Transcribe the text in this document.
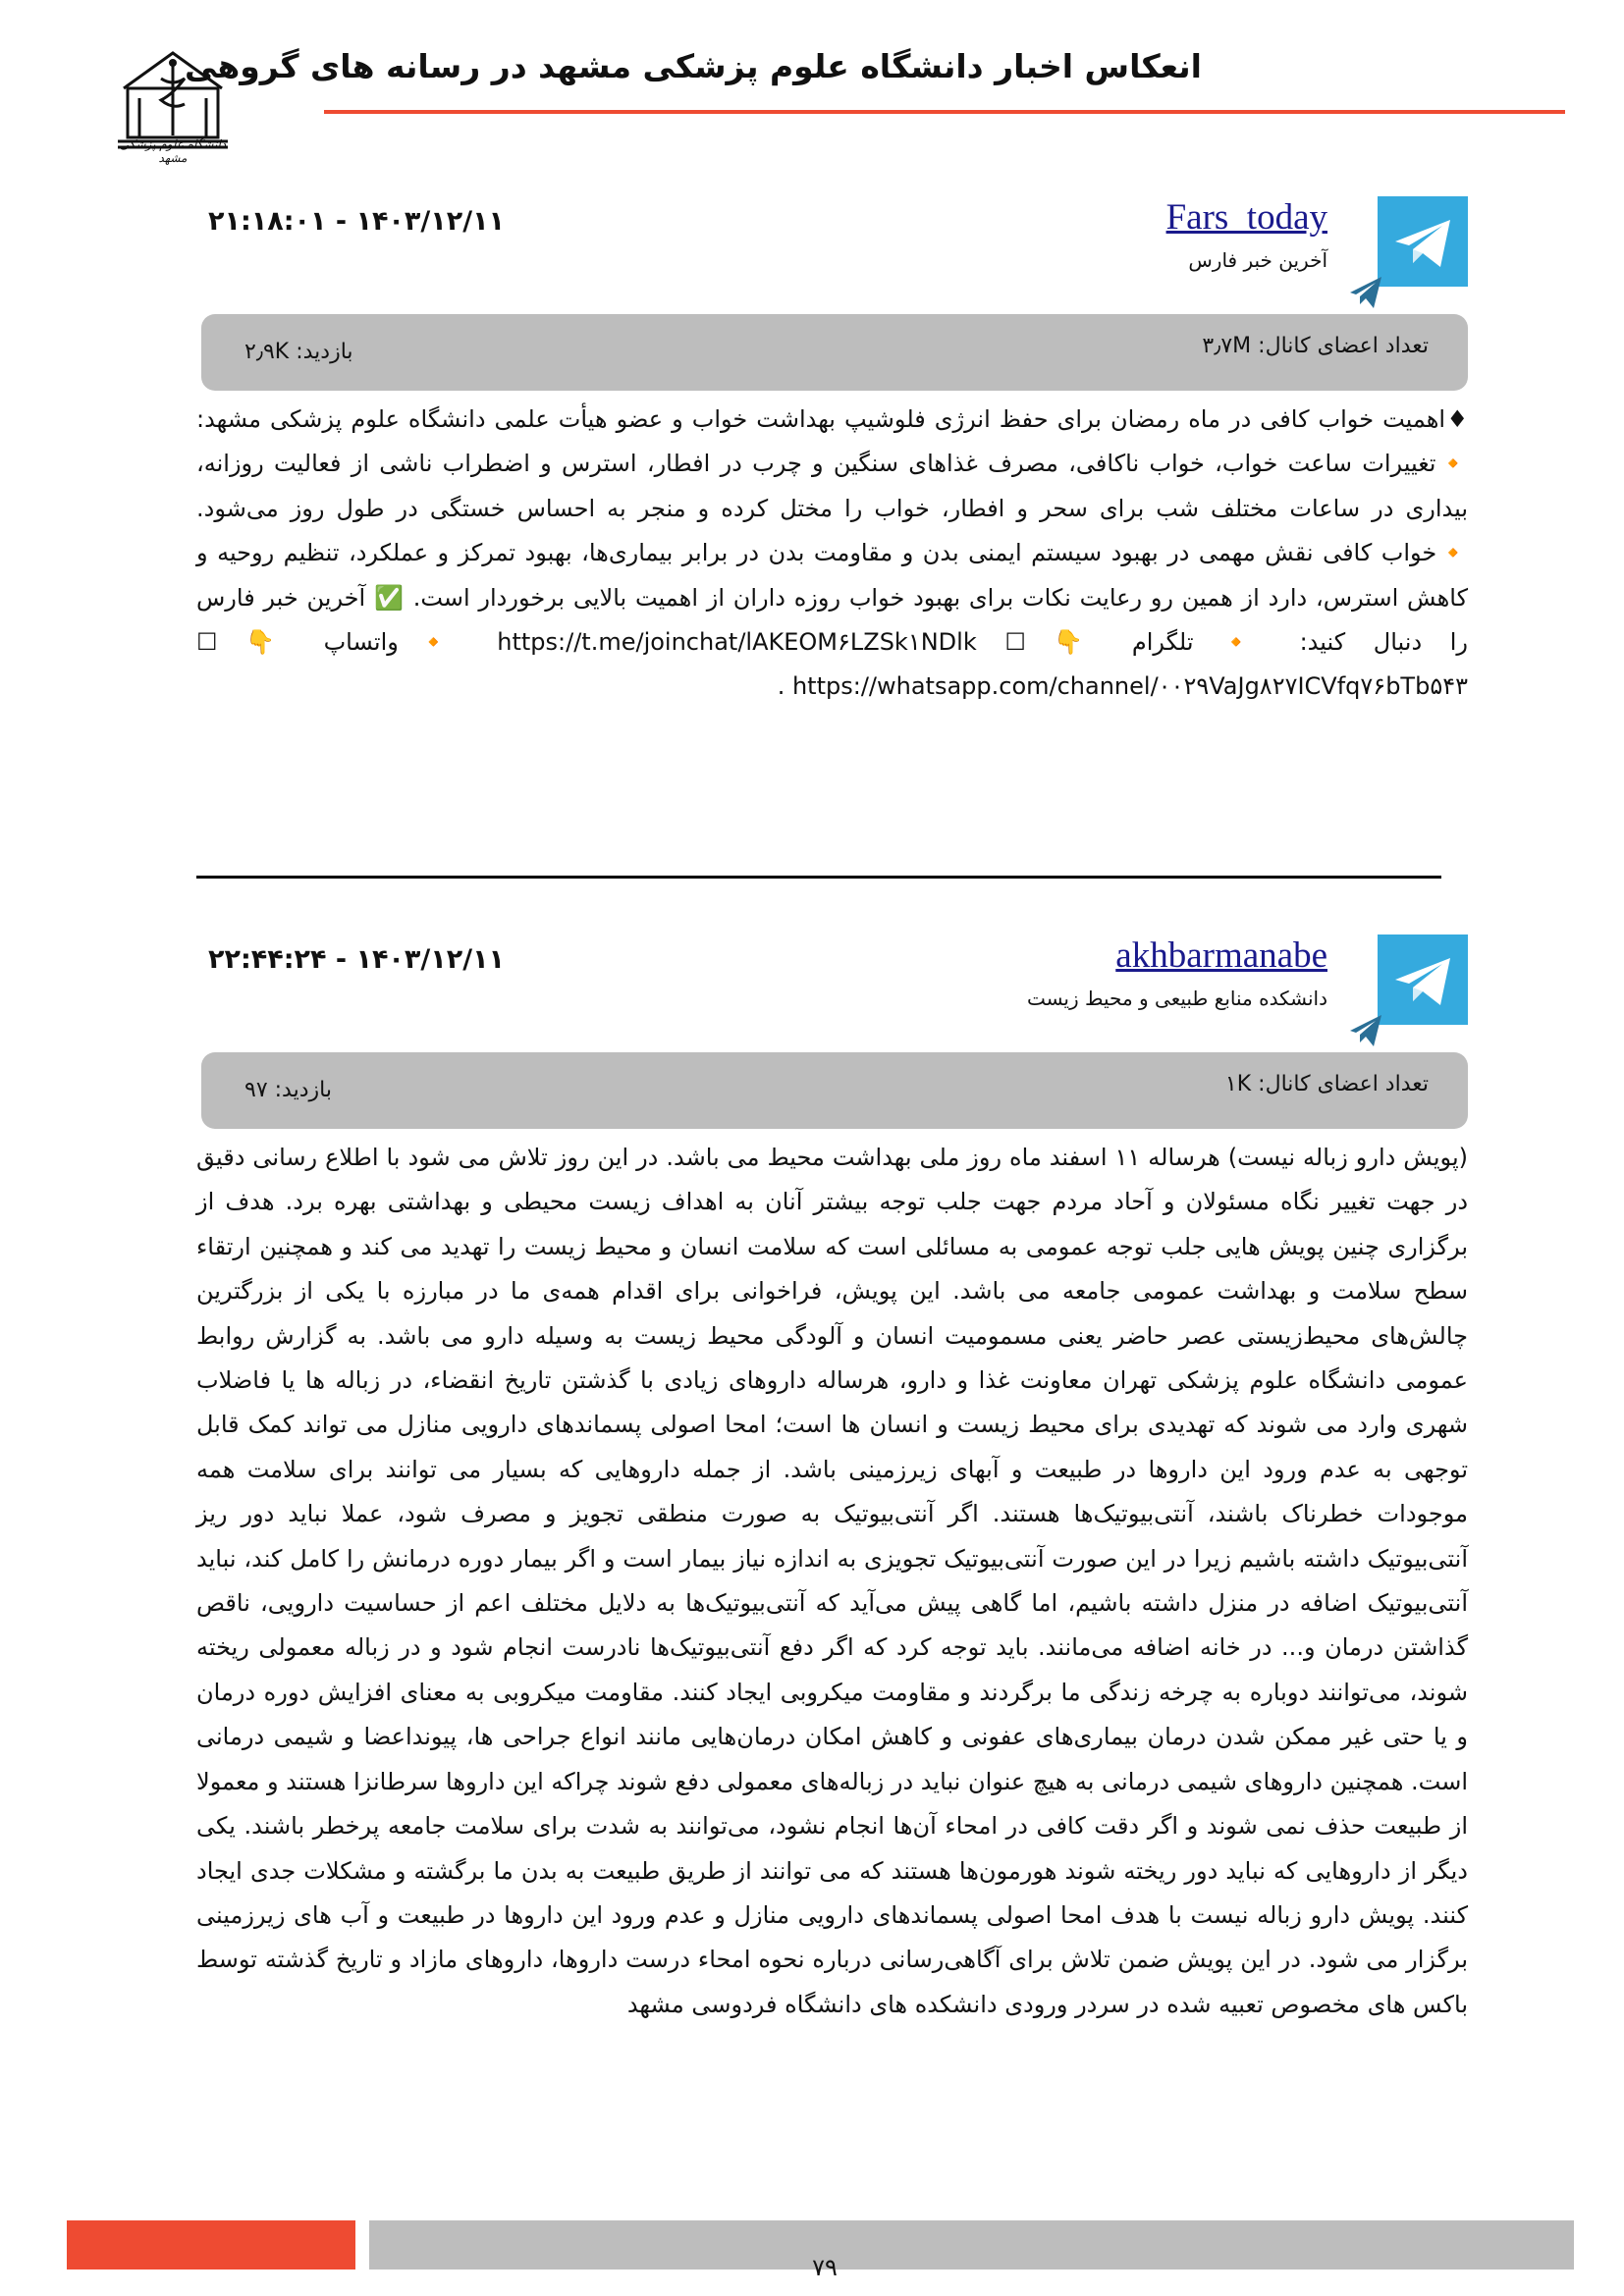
انعکاس اخبار دانشگاه علوم پزشکی مشهد در رسانه های گروهی
دانشگاه علوم پزشکی مشهد
Fars_today
آخرین خبر فارس
۲۱:۱۸:۰۱ - ۱۴۰۳/۱۲/۱۱
تعداد اعضای کانال: ۳٫۷M
بازدید: ۲٫۹K
♦اهمیت خواب کافی در ماه رمضان برای حفظ انرژی فلوشیپ بهداشت خواب و عضو هیأت علمی دانشگاه علوم پزشکی مشهد: 🔸تغییرات ساعت خواب، خواب ناکافی، مصرف غذاهای سنگین و چرب در افطار، استرس و اضطراب ناشی از فعالیت روزانه، بیداری در ساعات مختلف شب برای سحر و افطار، خواب را مختل کرده و منجر به احساس خستگی در طول روز می‌شود. 🔸خواب کافی نقش مهمی در بهبود سیستم ایمنی بدن و مقاومت بدن در برابر بیماری‌ها، بهبود تمرکز و عملکرد، تنظیم روحیه و کاهش استرس، دارد از همین رو رعایت نکات برای بهبود خواب روزه داران از اهمیت بالایی برخوردار است. ✅ آخرین خبر فارس را دنبال کنید: 🔸 تلگرام 👇 ☐ https://t.me/joinchat/lAKEOM۶LZSk۱NDlk 🔸واتساپ 👇 ☐ https://whatsapp.com/channel/۰۰۲۹VaJg۸۲۷ICVfq۷۶bTb۵۴۳ .
akhbarmanabe
دانشکده منابع طبیعی و محیط زیست
۲۲:۴۴:۲۴ - ۱۴۰۳/۱۲/۱۱
تعداد اعضای کانال: ۱K
بازدید: ۹۷
(پویش دارو زباله نیست) هرساله ۱۱ اسفند ماه روز ملی بهداشت محیط می باشد. در این روز تلاش می شود با اطلاع رسانی دقیق در جهت تغییر نگاه مسئولان و آحاد مردم جهت جلب توجه بیشتر آنان به اهداف زیست محیطی و بهداشتی بهره برد. هدف از برگزاری چنین پویش هایی جلب توجه عمومی به مسائلی است که سلامت انسان و محیط زیست را تهدید می کند و همچنین ارتقاء سطح سلامت و بهداشت عمومی جامعه می باشد. این پویش، فراخوانی برای اقدام همه‌ی ما در مبارزه با یکی از بزرگترین چالش‌های محیط‌زیستی عصر حاضر یعنی مسمومیت انسان و آلودگی محیط زیست به وسیله دارو می باشد. به گزارش روابط عمومی دانشگاه علوم پزشکی تهران معاونت غذا و دارو، هرساله داروهای زیادی با گذشتن تاریخ انقضاء، در زباله ها یا فاضلاب شهری وارد می شوند که تهدیدی برای محیط زیست و انسان ها است؛ امحا اصولی پسماندهای دارویی منازل می تواند کمک قابل توجهی به عدم ورود این داروها در طبیعت و آبهای زیرزمینی باشد. از جمله داروهایی که بسیار می توانند برای سلامت همه موجودات خطرناک باشند، آنتی‌بیوتیک‌ها هستند. اگر آنتی‌بیوتیک به صورت منطقی تجویز و مصرف شود، عملا نباید دور ریز آنتی‌بیوتیک داشته باشیم زیرا در این صورت آنتی‌بیوتیک تجویزی به اندازه نیاز بیمار است و اگر بیمار دوره درمانش را کامل کند، نباید آنتی‌بیوتیک اضافه در منزل داشته باشیم، اما گاهی پیش می‌آید که آنتی‌بیوتیک‌ها به دلایل مختلف اعم از حساسیت دارویی، ناقص گذاشتن درمان و... در خانه اضافه می‌مانند. باید توجه کرد که اگر دفع آنتی‌بیوتیک‌ها نادرست انجام شود و در زباله معمولی ریخته شوند، می‌توانند دوباره به چرخه زندگی ما برگردند و مقاومت میکروبی ایجاد کنند. مقاومت میکروبی به معنای افزایش دوره درمان و یا حتی غیر ممکن شدن درمان بیماری‌های عفونی و کاهش امکان درمان‌هایی مانند انواع جراحی ها، پیونداعضا و شیمی درمانی است. همچنین داروهای شیمی درمانی به هیچ عنوان نباید در زباله‌های معمولی دفع شوند چراکه این داروها سرطانزا هستند و معمولا از طبیعت حذف نمی شوند و اگر دقت کافی در امحاء آن‌ها انجام نشود، می‌توانند به شدت برای سلامت جامعه پرخطر باشند. یکی دیگر از داروهایی که نباید دور ریخته شوند هورمون‌ها هستند که می توانند از طریق طبیعت به بدن ما برگشته و مشکلات جدی ایجاد کنند. پویش دارو زباله نیست با هدف امحا اصولی پسماندهای دارویی منازل و عدم ورود این داروها در طبیعت و آب های زیرزمینی برگزار می شود. در این پویش ضمن تلاش برای آگاهی‌رسانی درباره نحوه امحاء درست داروها، داروهای مازاد و تاریخ گذشته توسط باکس های مخصوص تعبیه شده در سردر ورودی دانشکده های دانشگاه فردوسی مشهد
۷۹
